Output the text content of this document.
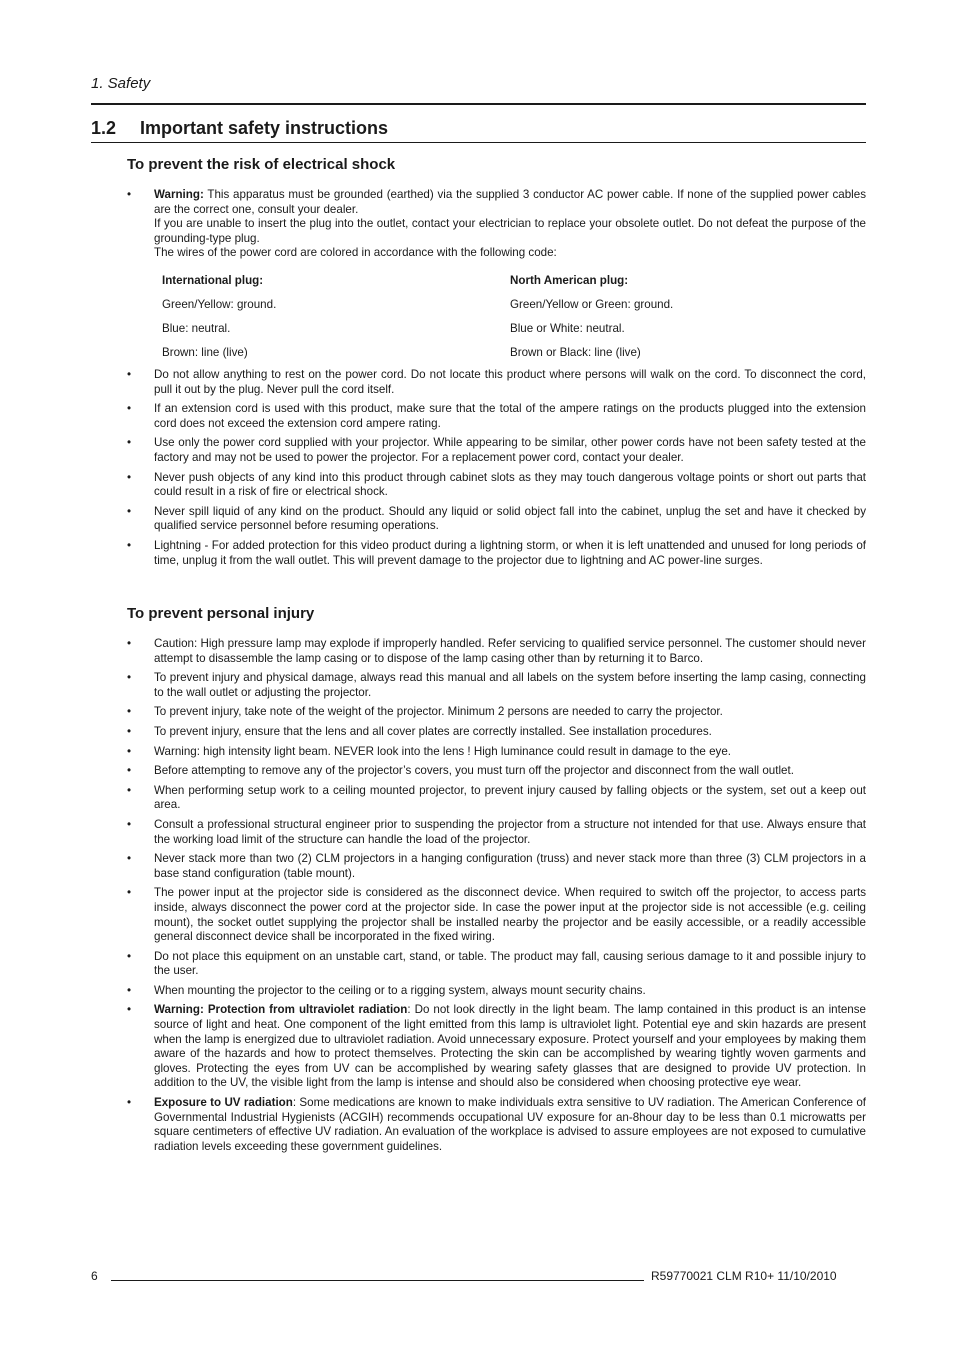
1. Safety
1.2 Important safety instructions
To prevent the risk of electrical shock
• Warning: This apparatus must be grounded (earthed) via the supplied 3 conductor AC power cable. If none of the supplied power cables are the correct one, consult your dealer.
If you are unable to insert the plug into the outlet, contact your electrician to replace your obsolete outlet. Do not defeat the purpose of the grounding-type plug.
The wires of the power cord are colored in accordance with the following code:
International plug:	North American plug:
Green/Yellow: ground.	Green/Yellow or Green: ground.
Blue: neutral.	Blue or White: neutral.
Brown: line (live)	Brown or Black: line (live)
• Do not allow anything to rest on the power cord. Do not locate this product where persons will walk on the cord. To disconnect the cord, pull it out by the plug. Never pull the cord itself.
• If an extension cord is used with this product, make sure that the total of the ampere ratings on the products plugged into the extension cord does not exceed the extension cord ampere rating.
• Use only the power cord supplied with your projector. While appearing to be similar, other power cords have not been safety tested at the factory and may not be used to power the projector. For a replacement power cord, contact your dealer.
• Never push objects of any kind into this product through cabinet slots as they may touch dangerous voltage points or short out parts that could result in a risk of fire or electrical shock.
• Never spill liquid of any kind on the product. Should any liquid or solid object fall into the cabinet, unplug the set and have it checked by qualified service personnel before resuming operations.
• Lightning - For added protection for this video product during a lightning storm, or when it is left unattended and unused for long periods of time, unplug it from the wall outlet. This will prevent damage to the projector due to lightning and AC power-line surges.
To prevent personal injury
• Caution: High pressure lamp may explode if improperly handled. Refer servicing to qualified service personnel. The customer should never attempt to disassemble the lamp casing or to dispose of the lamp casing other than by returning it to Barco.
• To prevent injury and physical damage, always read this manual and all labels on the system before inserting the lamp casing, connecting to the wall outlet or adjusting the projector.
• To prevent injury, take note of the weight of the projector. Minimum 2 persons are needed to carry the projector.
• To prevent injury, ensure that the lens and all cover plates are correctly installed. See installation procedures.
• Warning: high intensity light beam. NEVER look into the lens ! High luminance could result in damage to the eye.
• Before attempting to remove any of the projector’s covers, you must turn off the projector and disconnect from the wall outlet.
• When performing setup work to a ceiling mounted projector, to prevent injury caused by falling objects or the system, set out a keep out area.
• Consult a professional structural engineer prior to suspending the projector from a structure not intended for that use. Always ensure that the working load limit of the structure can handle the load of the projector.
• Never stack more than two (2) CLM projectors in a hanging configuration (truss) and never stack more than three (3) CLM projectors in a base stand configuration (table mount).
• The power input at the projector side is considered as the disconnect device. When required to switch off the projector, to access parts inside, always disconnect the power cord at the projector side. In case the power input at the projector side is not accessible (e.g. ceiling mount), the socket outlet supplying the projector shall be installed nearby the projector and be easily accessible, or a readily accessible general disconnect device shall be incorporated in the fixed wiring.
• Do not place this equipment on an unstable cart, stand, or table. The product may fall, causing serious damage to it and possible injury to the user.
• When mounting the projector to the ceiling or to a rigging system, always mount security chains.
• Warning: Protection from ultraviolet radiation: Do not look directly in the light beam. The lamp contained in this product is an intense source of light and heat. One component of the light emitted from this lamp is ultraviolet light. Potential eye and skin hazards are present when the lamp is energized due to ultraviolet radiation. Avoid unnecessary exposure. Protect yourself and your employees by making them aware of the hazards and how to protect themselves. Protecting the skin can be accomplished by wearing tightly woven garments and gloves. Protecting the eyes from UV can be accomplished by wearing safety glasses that are designed to provide UV protection. In addition to the UV, the visible light from the lamp is intense and should also be considered when choosing protective eye wear.
• Exposure to UV radiation: Some medications are known to make individuals extra sensitive to UV radiation. The American Conference of Governmental Industrial Hygienists (ACGIH) recommends occupational UV exposure for an-8hour day to be less than 0.1 microwatts per square centimeters of effective UV radiation. An evaluation of the workplace is advised to assure employees are not exposed to cumulative radiation levels exceeding these government guidelines.
6	R59770021 CLM R10+ 11/10/2010
